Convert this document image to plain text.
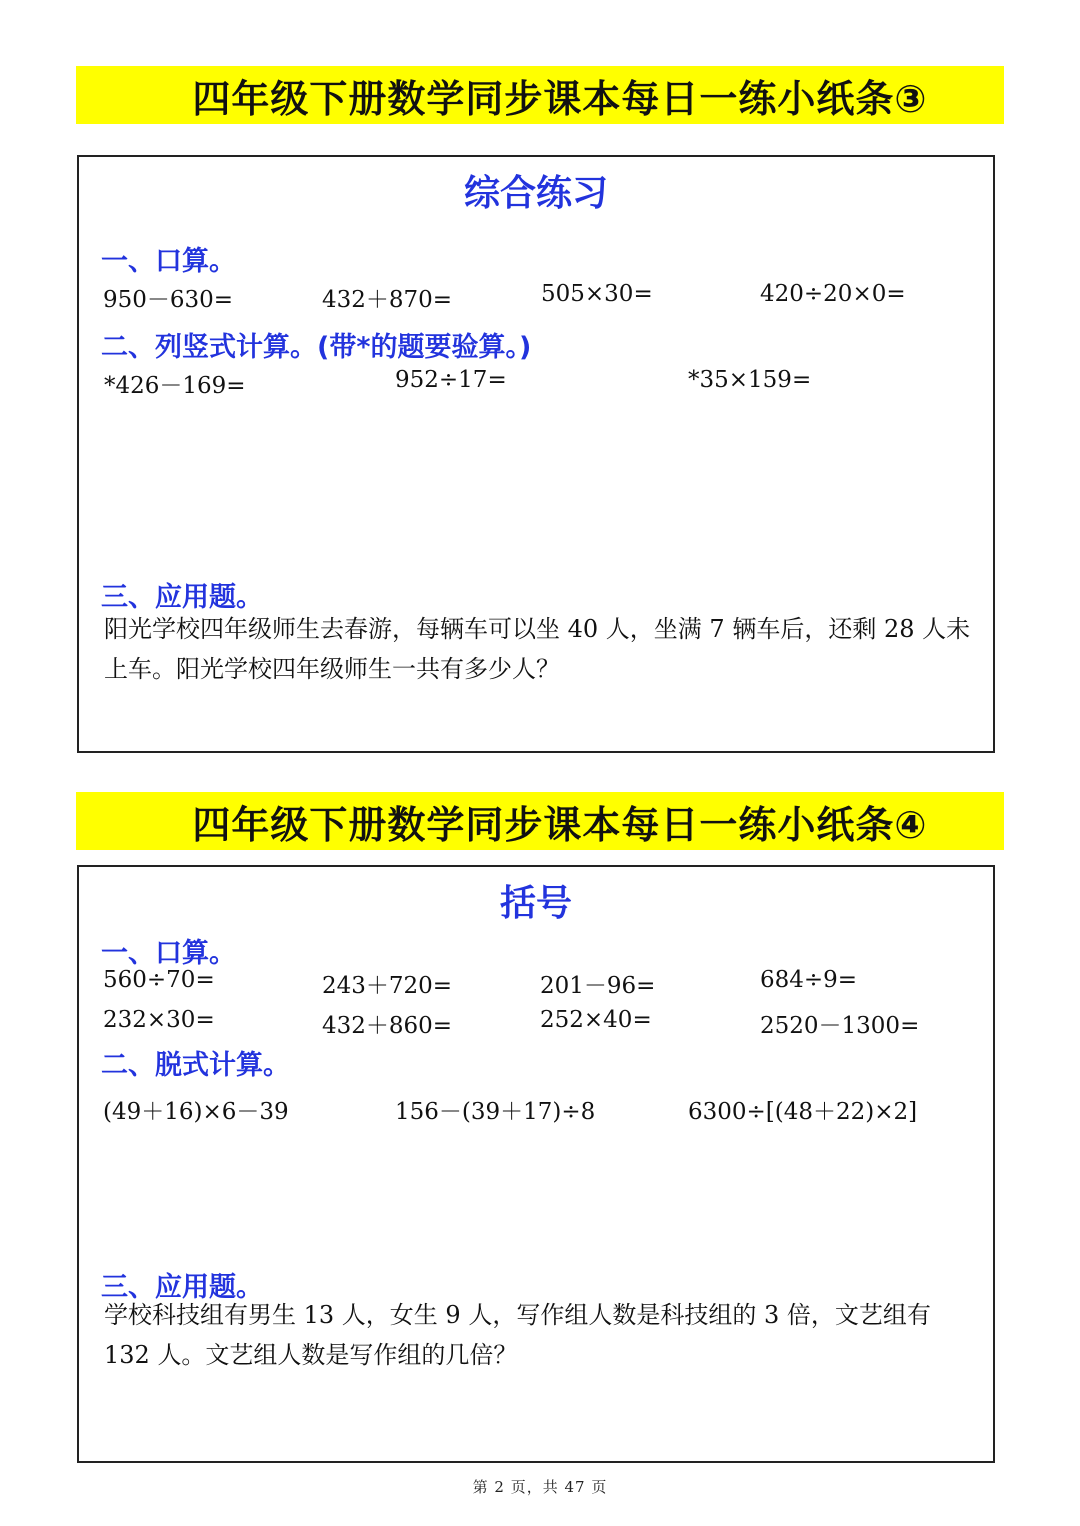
四年级下册数学同步课本每日一练小纸条③
综合练习
一、口算。
950－630=	432＋870=	505×30=	420÷20×0=
二、列竖式计算。(带*的题要验算。)
*426－169=	952÷17=	*35×159=
三、应用题。
阳光学校四年级师生去春游，每辆车可以坐 40 人，坐满 7 辆车后，还剩 28 人未上车。阳光学校四年级师生一共有多少人？
四年级下册数学同步课本每日一练小纸条④
括号
一、口算。
560÷70=	243＋720=	201－96=	684÷9=
232×30=	432＋860=	252×40=	2520－1300=
二、脱式计算。
(49＋16)×6－39	156－(39＋17)÷8	6300÷[(48＋22)×2]
三、应用题。
学校科技组有男生 13 人，女生 9 人，写作组人数是科技组的 3 倍，文艺组有 132 人。文艺组人数是写作组的几倍？
第 2 页，共 47 页
